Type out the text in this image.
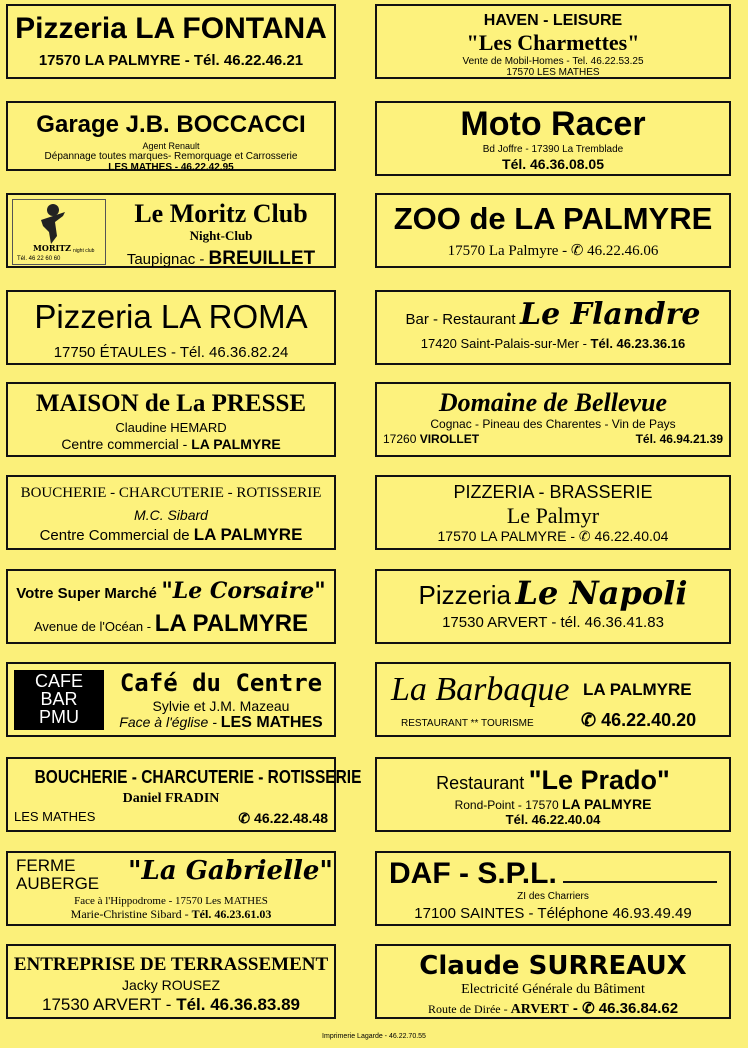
Pizzeria LA FONTANA
17570 LA PALMYRE - Tél. 46.22.46.21
Garage J.B. BOCCACCI
Agent Renault
Dépannage toutes marques- Remorquage et Carrosserie
LES MATHES - 46.22.42.95
MORITZ night club
Tél. 46 22 60 60
Le Moritz Club
Night-Club
Taupignac - BREUILLET
Pizzeria LA ROMA
17750 ÉTAULES - Tél. 46.36.82.24
MAISON de La PRESSE
Claudine HEMARD
Centre commercial - LA PALMYRE
BOUCHERIE - CHARCUTERIE - ROTISSERIE
M.C. Sibard
Centre Commercial de LA PALMYRE
Votre Super Marché "Le Corsaire"
Avenue de l'Océan - LA PALMYRE
CAFE
BAR
PMU
Café du Centre
Sylvie et J.M. Mazeau
Face à l'église - LES MATHES
BOUCHERIE - CHARCUTERIE - ROTISSERIE
Daniel FRADIN
LES MATHES	✆ 46.22.48.48
FERME
AUBERGE "La Gabrielle"
Face à l'Hippodrome - 17570 Les MATHES
Marie-Christine Sibard - Tél. 46.23.61.03
ENTREPRISE DE TERRASSEMENT
Jacky ROUSEZ
17530 ARVERT - Tél. 46.36.83.89
HAVEN - LEISURE
"Les Charmettes"
Vente de Mobil-Homes - Tel. 46.22.53.25
17570 LES MATHES
Moto Racer
Bd Joffre - 17390 La Tremblade
Tél. 46.36.08.05
ZOO de LA PALMYRE
17570 La Palmyre - ✆ 46.22.46.06
Bar - Restaurant Le Flandre
17420 Saint-Palais-sur-Mer - Tél. 46.23.36.16
Domaine de Bellevue
Cognac - Pineau des Charentes - Vin de Pays
17260 VIROLLET	Tél. 46.94.21.39
PIZZERIA - BRASSERIE
Le Palmyr
17570 LA PALMYRE - ✆ 46.22.40.04
Pizzeria Le Napoli
17530 ARVERT - tél. 46.36.41.83
La Barbaque LA PALMYRE
RESTAURANT ** TOURISME	✆ 46.22.40.20
Restaurant "Le Prado"
Rond-Point - 17570 LA PALMYRE
Tél. 46.22.40.04
DAF - S.P.L.
ZI des Charriers
17100 SAINTES - Téléphone 46.93.49.49
Claude SURREAUX
Electricité Générale du Bâtiment
Route de Dirée - ARVERT - ✆ 46.36.84.62
Imprimerie Lagarde - 46.22.70.55
